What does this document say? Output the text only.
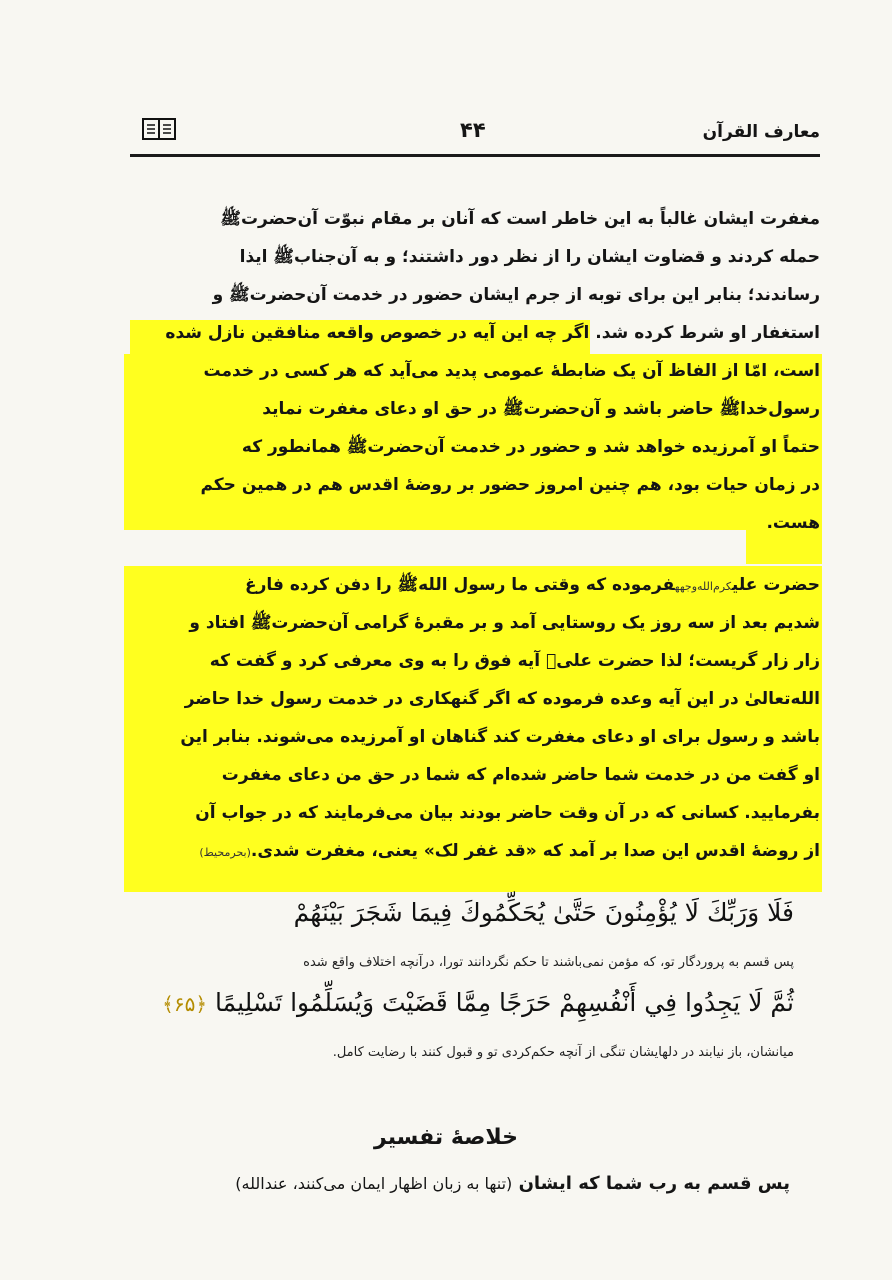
۴۴	معارف القرآن
مغفرت ایشان غالباً به این خاطر است که آنان بر مقام نبوّت آن‌حضرتﷺ
حمله کردند و قضاوت ایشان را از نظر دور داشتند؛ و به آن‌جنابﷺ ایذا
رساندند؛ بنابر این برای توبه از جرم ایشان حضور در خدمت آن‌حضرتﷺ و
استغفار او شرط کرده شد. اگر چه این آیه در خصوص واقعه منافقین نازل شده
است، امّا از الفاظ آن یک ضابطهٔ عمومی پدید می‌آید که هر کسی در خدمت
رسول‌خداﷺ حاضر باشد و آن‌حضرتﷺ در حق او دعای مغفرت نماید
حتماً او آمرزیده خواهد شد و حضور در خدمت آن‌حضرتﷺ همانطور که
در زمان حیات بود، هم چنین امروز حضور بر روضهٔ اقدس هم در همین حکم
هست.
حضرت علیکرم‌الله‌وجههفرموده که وقتی ما رسول اللهﷺ را دفن کرده فارغ
شدیم بعد از سه روز یک روستایی آمد و بر مقبرهٔ گرامی آن‌حضرتﷺ افتاد و
زار زار گریست؛ لذا حضرت علیؓ آیه فوق را به وی معرفی کرد و گفت که
الله‌تعالیٰ در این آیه وعده فرموده که اگر گنهکاری در خدمت رسول خدا حاضر
باشد و رسول برای او دعای مغفرت کند گناهان او آمرزیده می‌شوند. بنابر این
او گفت من در خدمت شما حاضر شده‌ام که شما در حق من دعای مغفرت
بفرمایید. کسانی که در آن وقت حاضر بودند بیان می‌فرمایند که در جواب آن
از روضهٔ اقدس این صدا بر آمد که «قد غفر لک» یعنی، مغفرت شدی.(بحرمحیط)
فَلَا وَرَبِّكَ لَا يُؤْمِنُونَ حَتَّىٰ يُحَكِّمُوكَ فِيمَا شَجَرَ بَيْنَهُمْ
پس قسم به پروردگار تو، که مؤمن نمی‌باشند تا حکم نگردانند تورا، درآنچه اختلاف واقع شده
ثُمَّ لَا يَجِدُوا فِي أَنْفُسِهِمْ حَرَجًا مِمَّا قَضَيْتَ وَيُسَلِّمُوا تَسْلِيمًا ﴿۶۵﴾
میانشان، باز نیابند در دلهایشان تنگی از آنچه حکم‌کردی تو و قبول کنند با رضایت کامل.
خلاصهٔ تفسیر
پس قسم به رب شما که ایشان (تنها به زبان اظهار ایمان می‌کنند، عندالله)
